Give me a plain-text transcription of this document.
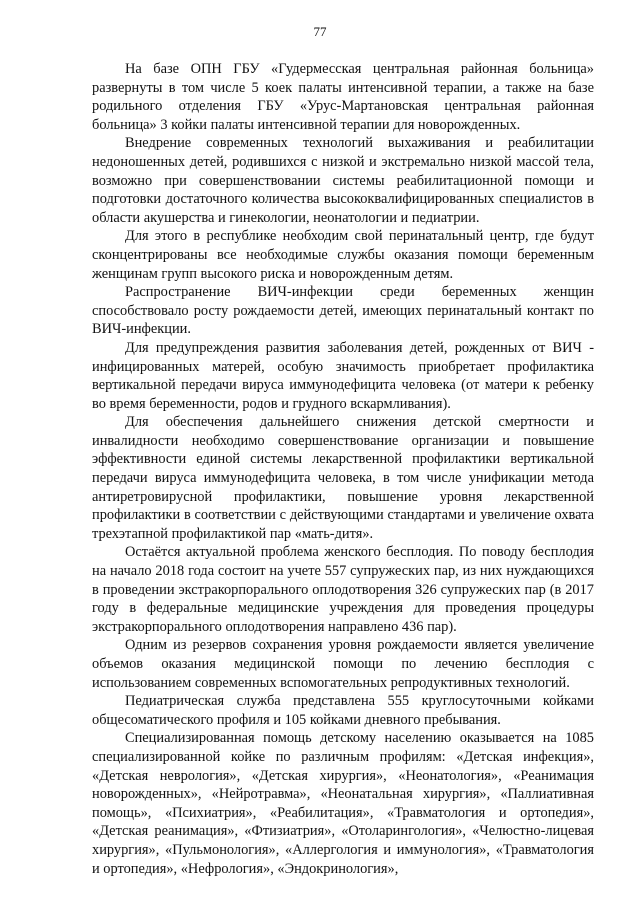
77

На базе ОПН ГБУ «Гудермесская центральная районная больница» развернуты в том числе 5 коек палаты интенсивной терапии, а также на базе родильного отделения ГБУ «Урус-Мартановская центральная районная больница» 3 койки палаты интенсивной терапии для новорожденных.

Внедрение современных технологий выхаживания и реабилитации недоношенных детей, родившихся с низкой и экстремально низкой массой тела, возможно при совершенствовании системы реабилитационной помощи и подготовки достаточного количества высококвалифицированных специалистов в области акушерства и гинекологии, неонатологии и педиатрии.

Для этого в республике необходим свой перинатальный центр, где будут сконцентрированы все необходимые службы оказания помощи беременным женщинам групп высокого риска и новорожденным детям.

Распространение ВИЧ-инфекции среди беременных женщин способствовало росту рождаемости детей, имеющих перинатальный контакт по ВИЧ-инфекции.

Для предупреждения развития заболевания детей, рожденных от ВИЧ - инфицированных матерей, особую значимость приобретает профилактика вертикальной передачи вируса иммунодефицита человека (от матери к ребенку во время беременности, родов и грудного вскармливания).

Для обеспечения дальнейшего снижения детской смертности и инвалидности необходимо совершенствование организации и повышение эффективности единой системы лекарственной профилактики вертикальной передачи вируса иммунодефицита человека, в том числе унификации метода антиретровирусной профилактики, повышение уровня лекарственной профилактики в соответствии с действующими стандартами и увеличение охвата трехэтапной профилактикой пар «мать-дитя».

Остаётся актуальной проблема женского бесплодия. По поводу бесплодия на начало 2018 года состоит на учете 557 супружеских пар, из них нуждающихся в проведении экстракорпорального оплодотворения 326 супружеских пар (в 2017 году в федеральные медицинские учреждения для проведения процедуры экстракорпорального оплодотворения направлено 436 пар).

Одним из резервов сохранения уровня рождаемости является увеличение объемов оказания медицинской помощи по лечению бесплодия с использованием современных вспомогательных репродуктивных технологий.

Педиатрическая служба представлена 555 круглосуточными койками общесоматического профиля и 105 койками дневного пребывания.

Специализированная помощь детскому населению оказывается на 1085 специализированной койке по различным профилям: «Детская инфекция», «Детская неврология», «Детская хирургия», «Неонатология», «Реанимация новорожденных», «Нейротравма», «Неонатальная хирургия», «Паллиативная помощь», «Психиатрия», «Реабилитация», «Травматология и ортопедия», «Детская реанимация», «Фтизиатрия», «Отоларингология», «Челюстно-лицевая хирургия», «Пульмонология», «Аллергология и иммунология», «Травматология и ортопедия», «Нефрология», «Эндокринология»,
